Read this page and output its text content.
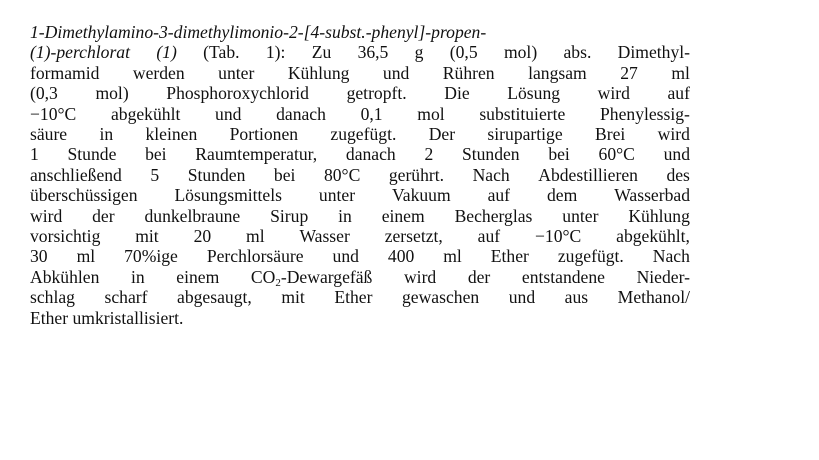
1-Dimethylamino-3-dimethylimonio-2-[4-subst.-phenyl]-propen-
(1)-perchlorat (1) (Tab. 1): Zu 36,5 g (0,5 mol) abs. Dimethyl-
formamid werden unter Kühlung und Rühren langsam 27 ml
(0,3 mol) Phosphoroxychlorid getropft. Die Lösung wird auf
−10°C abgekühlt und danach 0,1 mol substituierte Phenylessig-
säure in kleinen Portionen zugefügt. Der sirupartige Brei wird
1 Stunde bei Raumtemperatur, danach 2 Stunden bei 60°C und
anschließend 5 Stunden bei 80°C gerührt. Nach Abdestillieren des
überschüssigen Lösungsmittels unter Vakuum auf dem Wasserbad
wird der dunkelbraune Sirup in einem Becherglas unter Kühlung
vorsichtig mit 20 ml Wasser zersetzt, auf −10°C abgekühlt,
30 ml 70%ige Perchlorsäure und 400 ml Ether zugefügt. Nach
Abkühlen in einem $CO_2$-Dewargefäß wird der entstandene Nieder-
schlag scharf abgesaugt, mit Ether gewaschen und aus Methanol/
Ether umkristallisiert.
